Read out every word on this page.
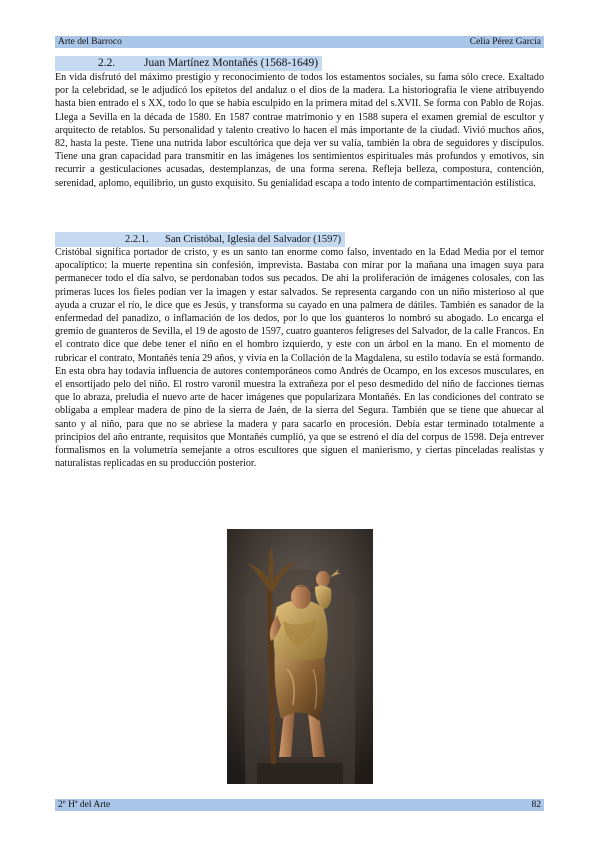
Arte del Barroco	Celia Pérez García
2.2.	Juan Martínez Montañés (1568-1649)

En vida disfrutó del máximo prestigio y reconocimiento de todos los estamentos sociales, su fama sólo crece. Exaltado por la celebridad, se le adjudicó los epítetos del andaluz o el dios de la madera. La historiografía le viene atribuyendo hasta bien entrado el s XX, todo lo que se había esculpido en la primera mitad del s.XVII. Se forma con Pablo de Rojas. Llega a Sevilla en la década de 1580. En 1587 contrae matrimonio y en 1588 supera el examen gremial de escultor y arquitecto de retablos. Su personalidad y talento creativo lo hacen el más importante de la ciudad. Vivió muchos años, 82, hasta la peste. Tiene una nutrida labor escultórica que deja ver su valía, también la obra de seguidores y discípulos. Tiene una gran capacidad para transmitir en las imágenes los sentimientos espirituales más profundos y emotivos, sin recurrir a gesticulaciones acusadas, destemplanzas, de una forma serena. Refleja belleza, compostura, contención, serenidad, aplomo, equilibrio, un gusto exquisito. Su genialidad escapa a todo intento de compartimentación estilística.

2.2.1. San Cristóbal, Iglesia del Salvador (1597)

Cristóbal significa portador de cristo, y es un santo tan enorme como falso, inventado en la Edad Media por el temor apocalíptico: la muerte repentina sin confesión, imprevista. Bastaba con mirar por la mañana una imagen suya para permanecer todo el día salvo, se perdonaban todos sus pecados. De ahí la proliferación de imágenes colosales, con las primeras luces los fieles podían ver la imagen y estar salvados. Se representa cargando con un niño misterioso al que ayuda a cruzar el río, le dice que es Jesús, y transforma su cayado en una palmera de dátiles. También es sanador de la enfermedad del panadizo, o inflamación de los dedos, por lo que los guanteros lo nombró su abogado. Lo encarga el gremio de guanteros de Sevilla, el 19 de agosto de 1597, cuatro guanteros feligreses del Salvador, de la calle Francos. En el contrato dice que debe tener el niño en el hombro izquierdo, y este con un árbol en la mano. En el momento de rubricar el contrato, Montañés tenía 29 años, y vivía en la Collación de la Magdalena, su estilo todavía se está formando. En esta obra hay todavía influencia de autores contemporáneos como Andrés de Ocampo, en los excesos musculares, en el ensortijado pelo del niño. El rostro varonil muestra la extrañeza por el peso desmedido del niño de facciones tiernas que lo abraza, preludia el nuevo arte de hacer imágenes que popularizara Montañés. En las condiciones del contrato se obligaba a emplear madera de pino de la sierra de Jaén, de la sierra del Segura. También que se tiene que ahuecar al santo y al niño, para que no se abriese la madera y para sacarlo en procesión. Debía estar terminado totalmente a principios del año entrante, requisitos que Montañés cumplió, ya que se estrenó el día del corpus de 1598. Deja entrever formalismos en la volumetría semejante a otros escultores que siguen el manierismo, y ciertas pinceladas realistas y naturalistas replicadas en su producción posterior.

2º Hª del Arte	82
